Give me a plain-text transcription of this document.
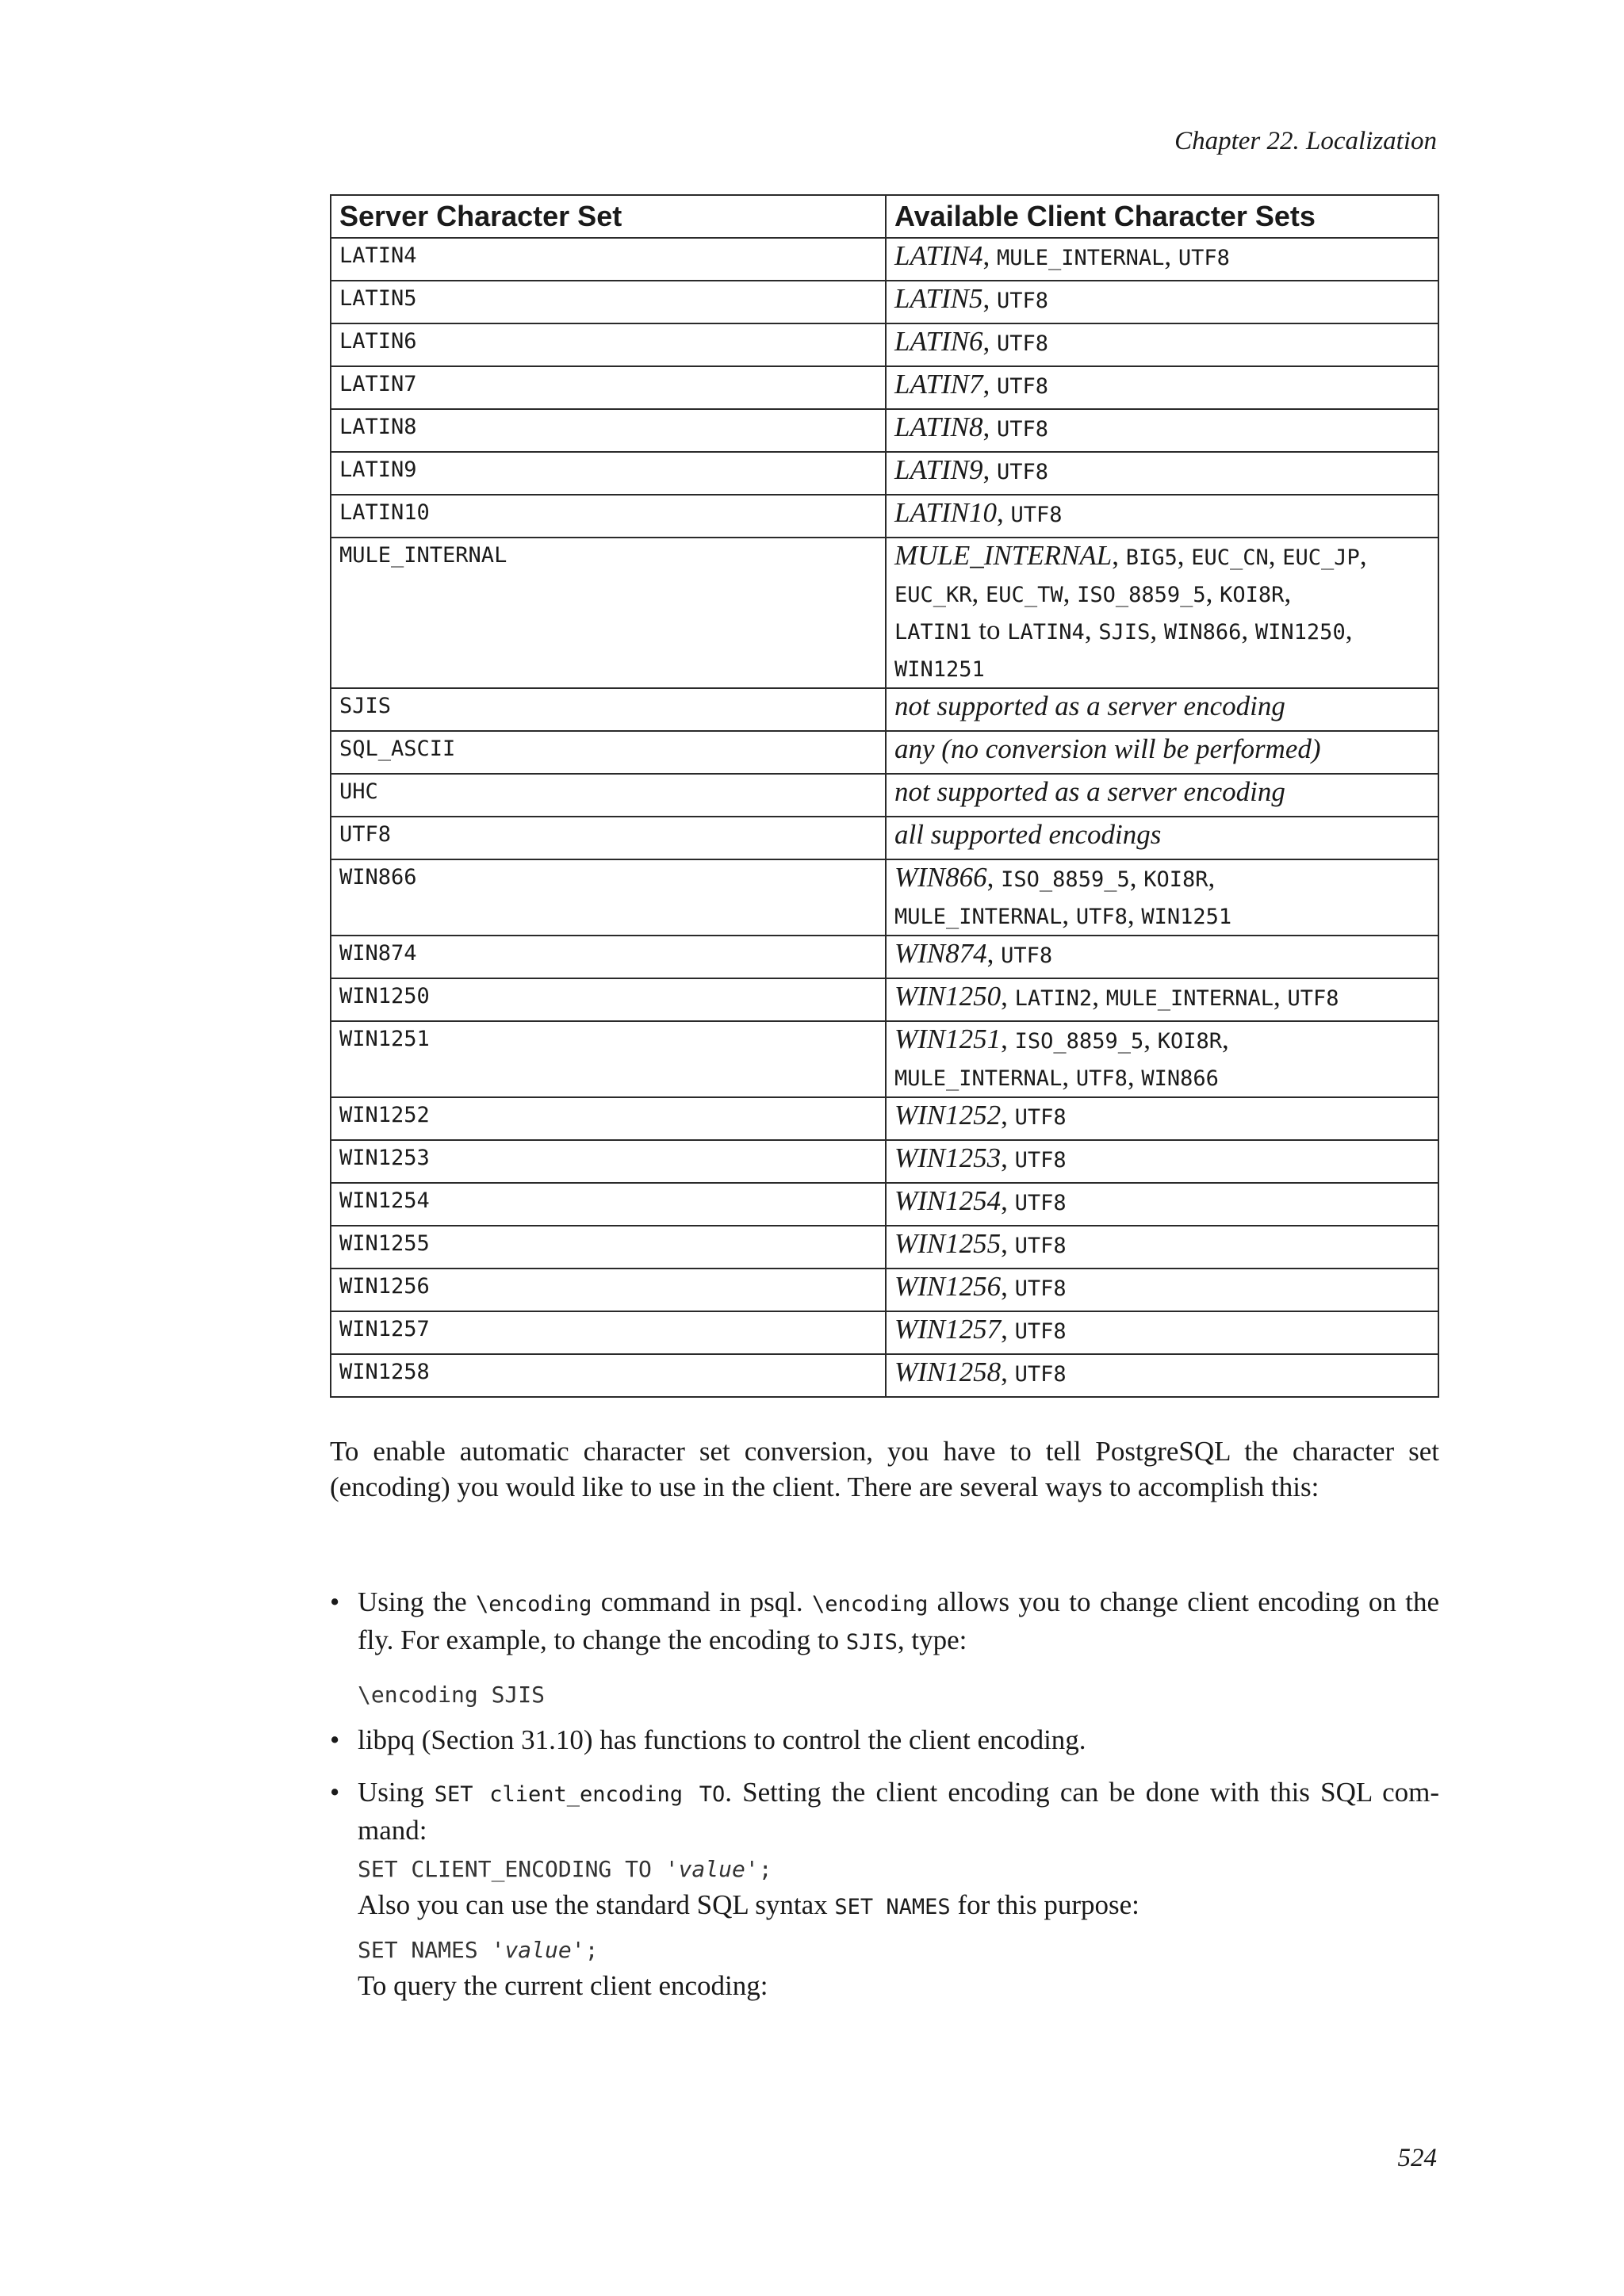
Chapter 22. Localization
Server Character Set	Available Client Character Sets
LATIN4	LATIN4, MULE_INTERNAL, UTF8
LATIN5	LATIN5, UTF8
LATIN6	LATIN6, UTF8
LATIN7	LATIN7, UTF8
LATIN8	LATIN8, UTF8
LATIN9	LATIN9, UTF8
LATIN10	LATIN10, UTF8
MULE_INTERNAL	MULE_INTERNAL, BIG5, EUC_CN, EUC_JP,
EUC_KR, EUC_TW, ISO_8859_5, KOI8R,
LATIN1 to LATIN4, SJIS, WIN866, WIN1250,
WIN1251
SJIS	not supported as a server encoding
SQL_ASCII	any (no conversion will be performed)
UHC	not supported as a server encoding
UTF8	all supported encodings
WIN866	WIN866, ISO_8859_5, KOI8R,
MULE_INTERNAL, UTF8, WIN1251
WIN874	WIN874, UTF8
WIN1250	WIN1250, LATIN2, MULE_INTERNAL, UTF8
WIN1251	WIN1251, ISO_8859_5, KOI8R,
MULE_INTERNAL, UTF8, WIN866
WIN1252	WIN1252, UTF8
WIN1253	WIN1253, UTF8
WIN1254	WIN1254, UTF8
WIN1255	WIN1255, UTF8
WIN1256	WIN1256, UTF8
WIN1257	WIN1257, UTF8
WIN1258	WIN1258, UTF8
To enable automatic character set conversion, you have to tell PostgreSQL the character set (encoding) you would like to use in the client. There are several ways to accomplish this:
• Using the \encoding command in psql. \encoding allows you to change client encoding on the fly. For example, to change the encoding to SJIS, type:
\encoding SJIS
• libpq (Section 31.10) has functions to control the client encoding.
• Using SET client_encoding TO. Setting the client encoding can be done with this SQL com- mand:
SET CLIENT_ENCODING TO 'value';
Also you can use the standard SQL syntax SET NAMES for this purpose:
SET NAMES 'value';
To query the current client encoding:
524
